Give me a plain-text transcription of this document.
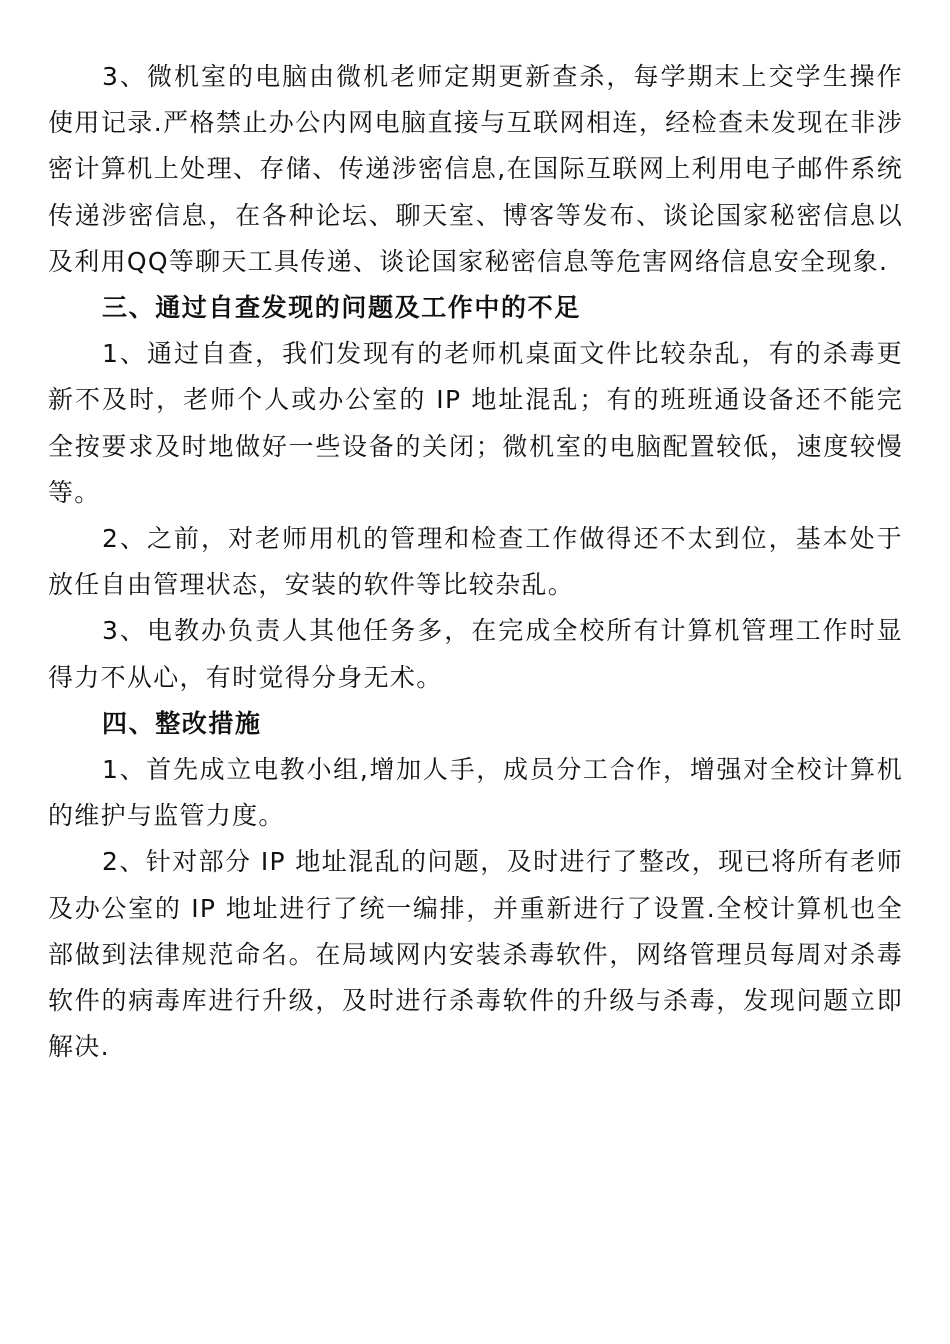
3、微机室的电脑由微机老师定期更新查杀，每学期末上交学生操作使用记录.严格禁止办公内网电脑直接与互联网相连，经检查未发现在非涉密计算机上处理、存储、传递涉密信息,在国际互联网上利用电子邮件系统传递涉密信息，在各种论坛、聊天室、博客等发布、谈论国家秘密信息以及利用QQ等聊天工具传递、谈论国家秘密信息等危害网络信息安全现象.

三、通过自查发现的问题及工作中的不足

1、通过自查，我们发现有的老师机桌面文件比较杂乱，有的杀毒更新不及时，老师个人或办公室的 IP 地址混乱；有的班班通设备还不能完全按要求及时地做好一些设备的关闭；微机室的电脑配置较低，速度较慢等。

2、之前，对老师用机的管理和检查工作做得还不太到位，基本处于放任自由管理状态，安装的软件等比较杂乱。

3、电教办负责人其他任务多，在完成全校所有计算机管理工作时显得力不从心，有时觉得分身无术。

四、整改措施

1、首先成立电教小组,增加人手，成员分工合作，增强对全校计算机的维护与监管力度。

2、针对部分 IP 地址混乱的问题，及时进行了整改，现已将所有老师及办公室的 IP 地址进行了统一编排，并重新进行了设置.全校计算机也全部做到法律规范命名。在局域网内安装杀毒软件，网络管理员每周对杀毒软件的病毒库进行升级，及时进行杀毒软件的升级与杀毒，发现问题立即解决.
